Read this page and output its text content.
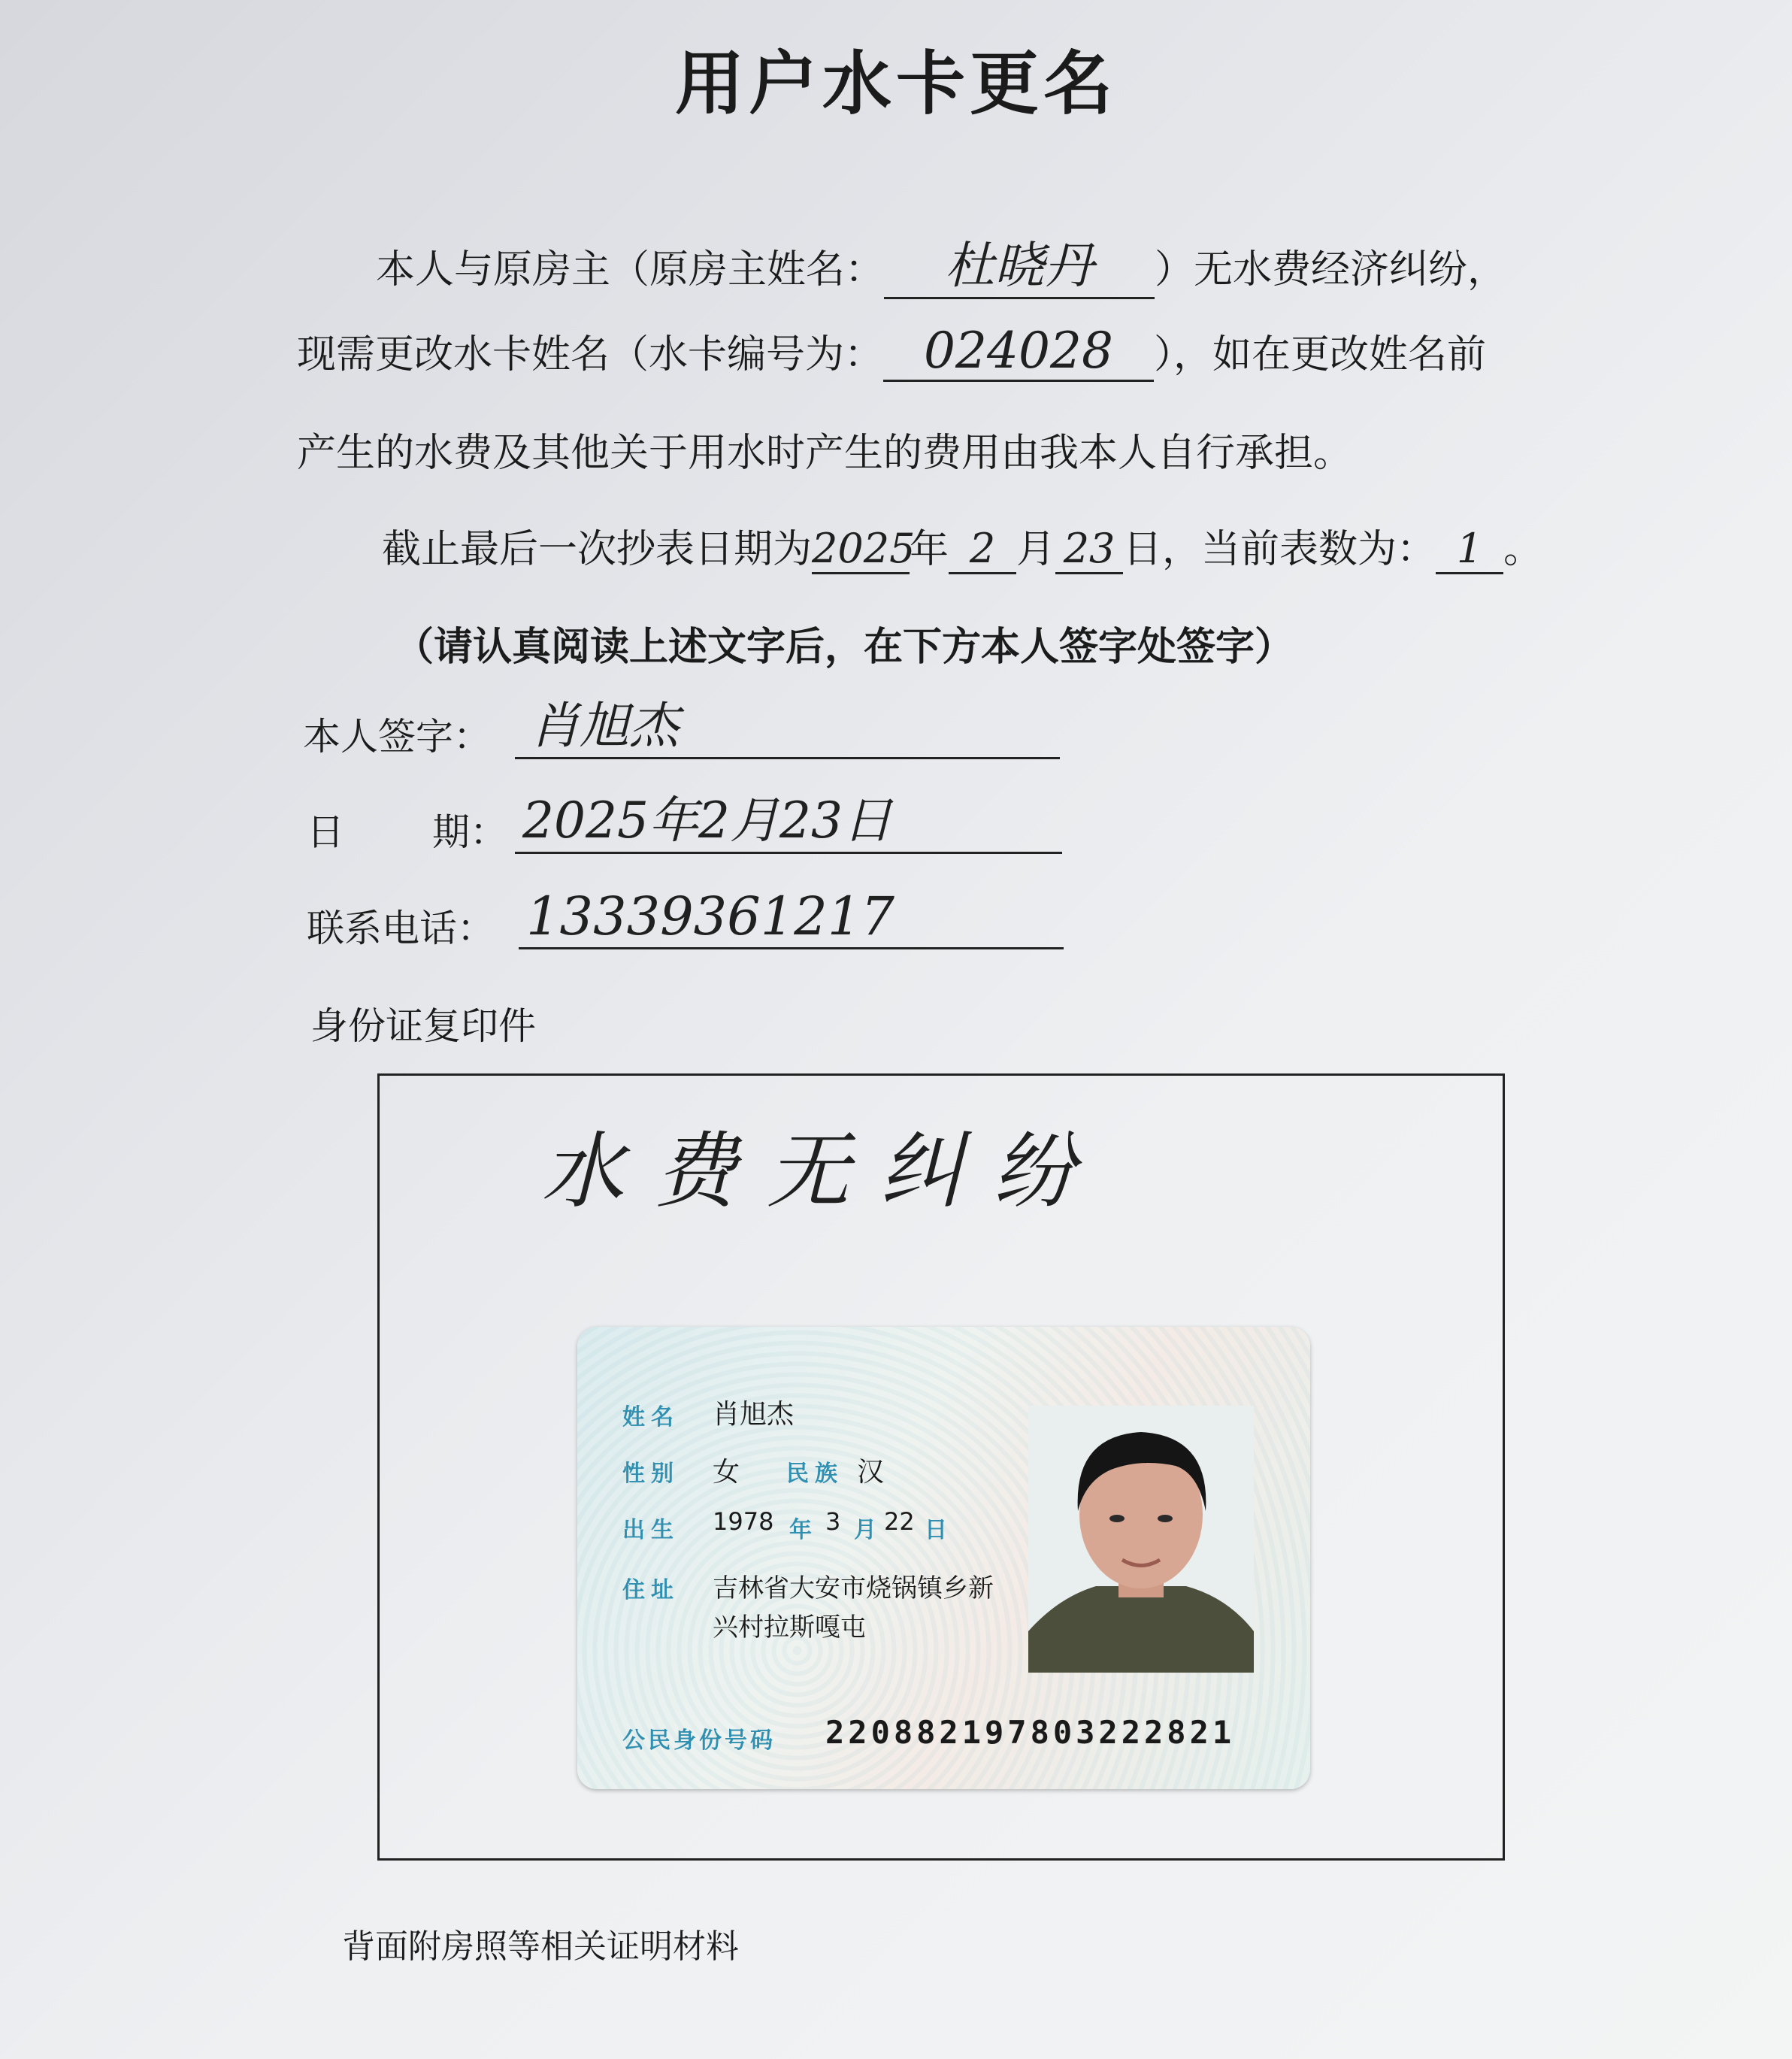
用户水卡更名
本人与原房主（原房主姓名： 杜晓丹 ）无水费经济纠纷，
现需更改水卡姓名（水卡编号为： 024028 ），如在更改姓名前
产生的水费及其他关于用水时产生的费用由我本人自行承担。
截止最后一次抄表日期为2025年 2 月 23 日，当前表数为： 1 。
（请认真阅读上述文字后，在下方本人签字处签字）
本人签字： 肖旭杰
日 期： 2025年2月23日
联系电话： 13339361217
身份证复印件
水费无纠纷
姓名 肖旭杰
性别 女 民族 汉
出生 1978 年 3 月 22 日
住址 吉林省大安市烧锅镇乡新
兴村拉斯嘎屯
公民身份号码 220882197803222821
背面附房照等相关证明材料
